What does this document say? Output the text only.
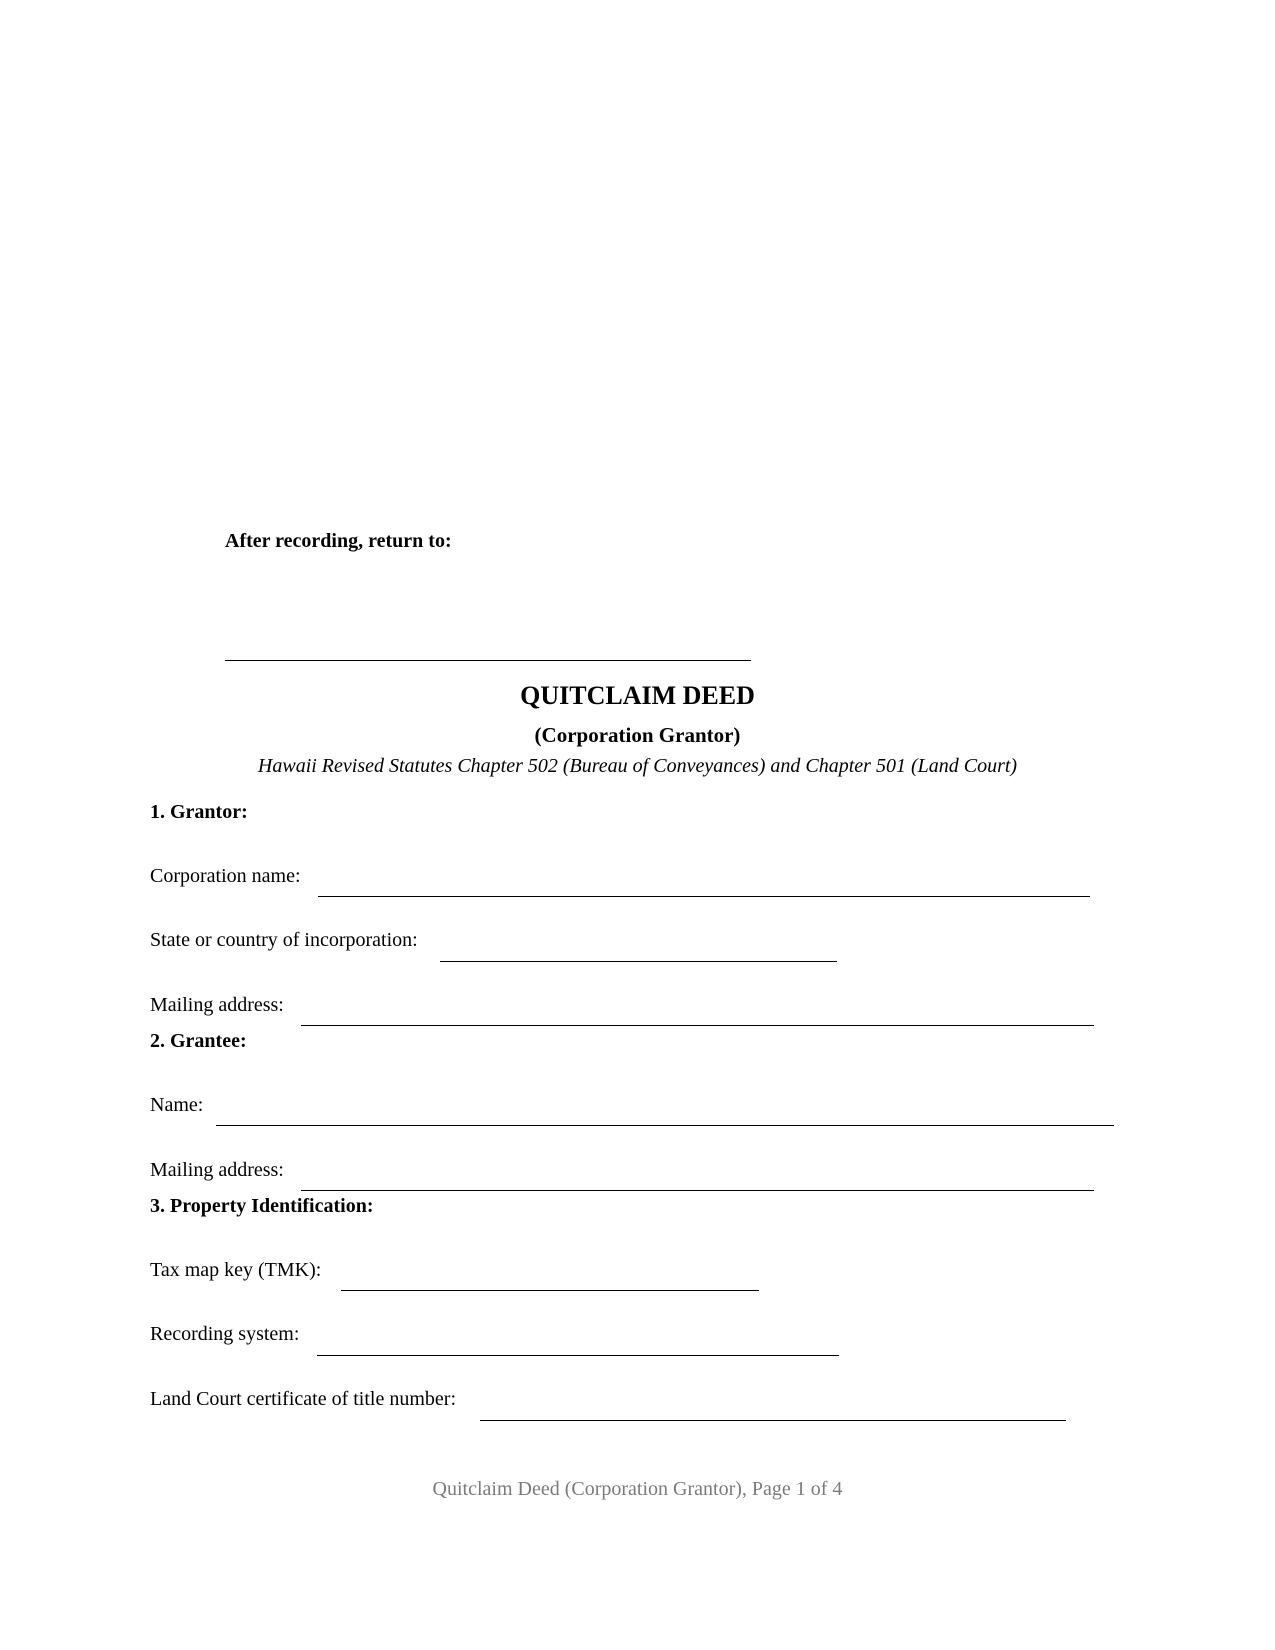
After recording, return to:
QUITCLAIM DEED
(Corporation Grantor)
Hawaii Revised Statutes Chapter 502 (Bureau of Conveyances) and Chapter 501 (Land Court)
1. Grantor:
Corporation name:
State or country of incorporation:
Mailing address:
2. Grantee:
Name:
Mailing address:
3. Property Identification:
Tax map key (TMK):
Recording system:
Land Court certificate of title number:
Quitclaim Deed (Corporation Grantor), Page 1 of 4
